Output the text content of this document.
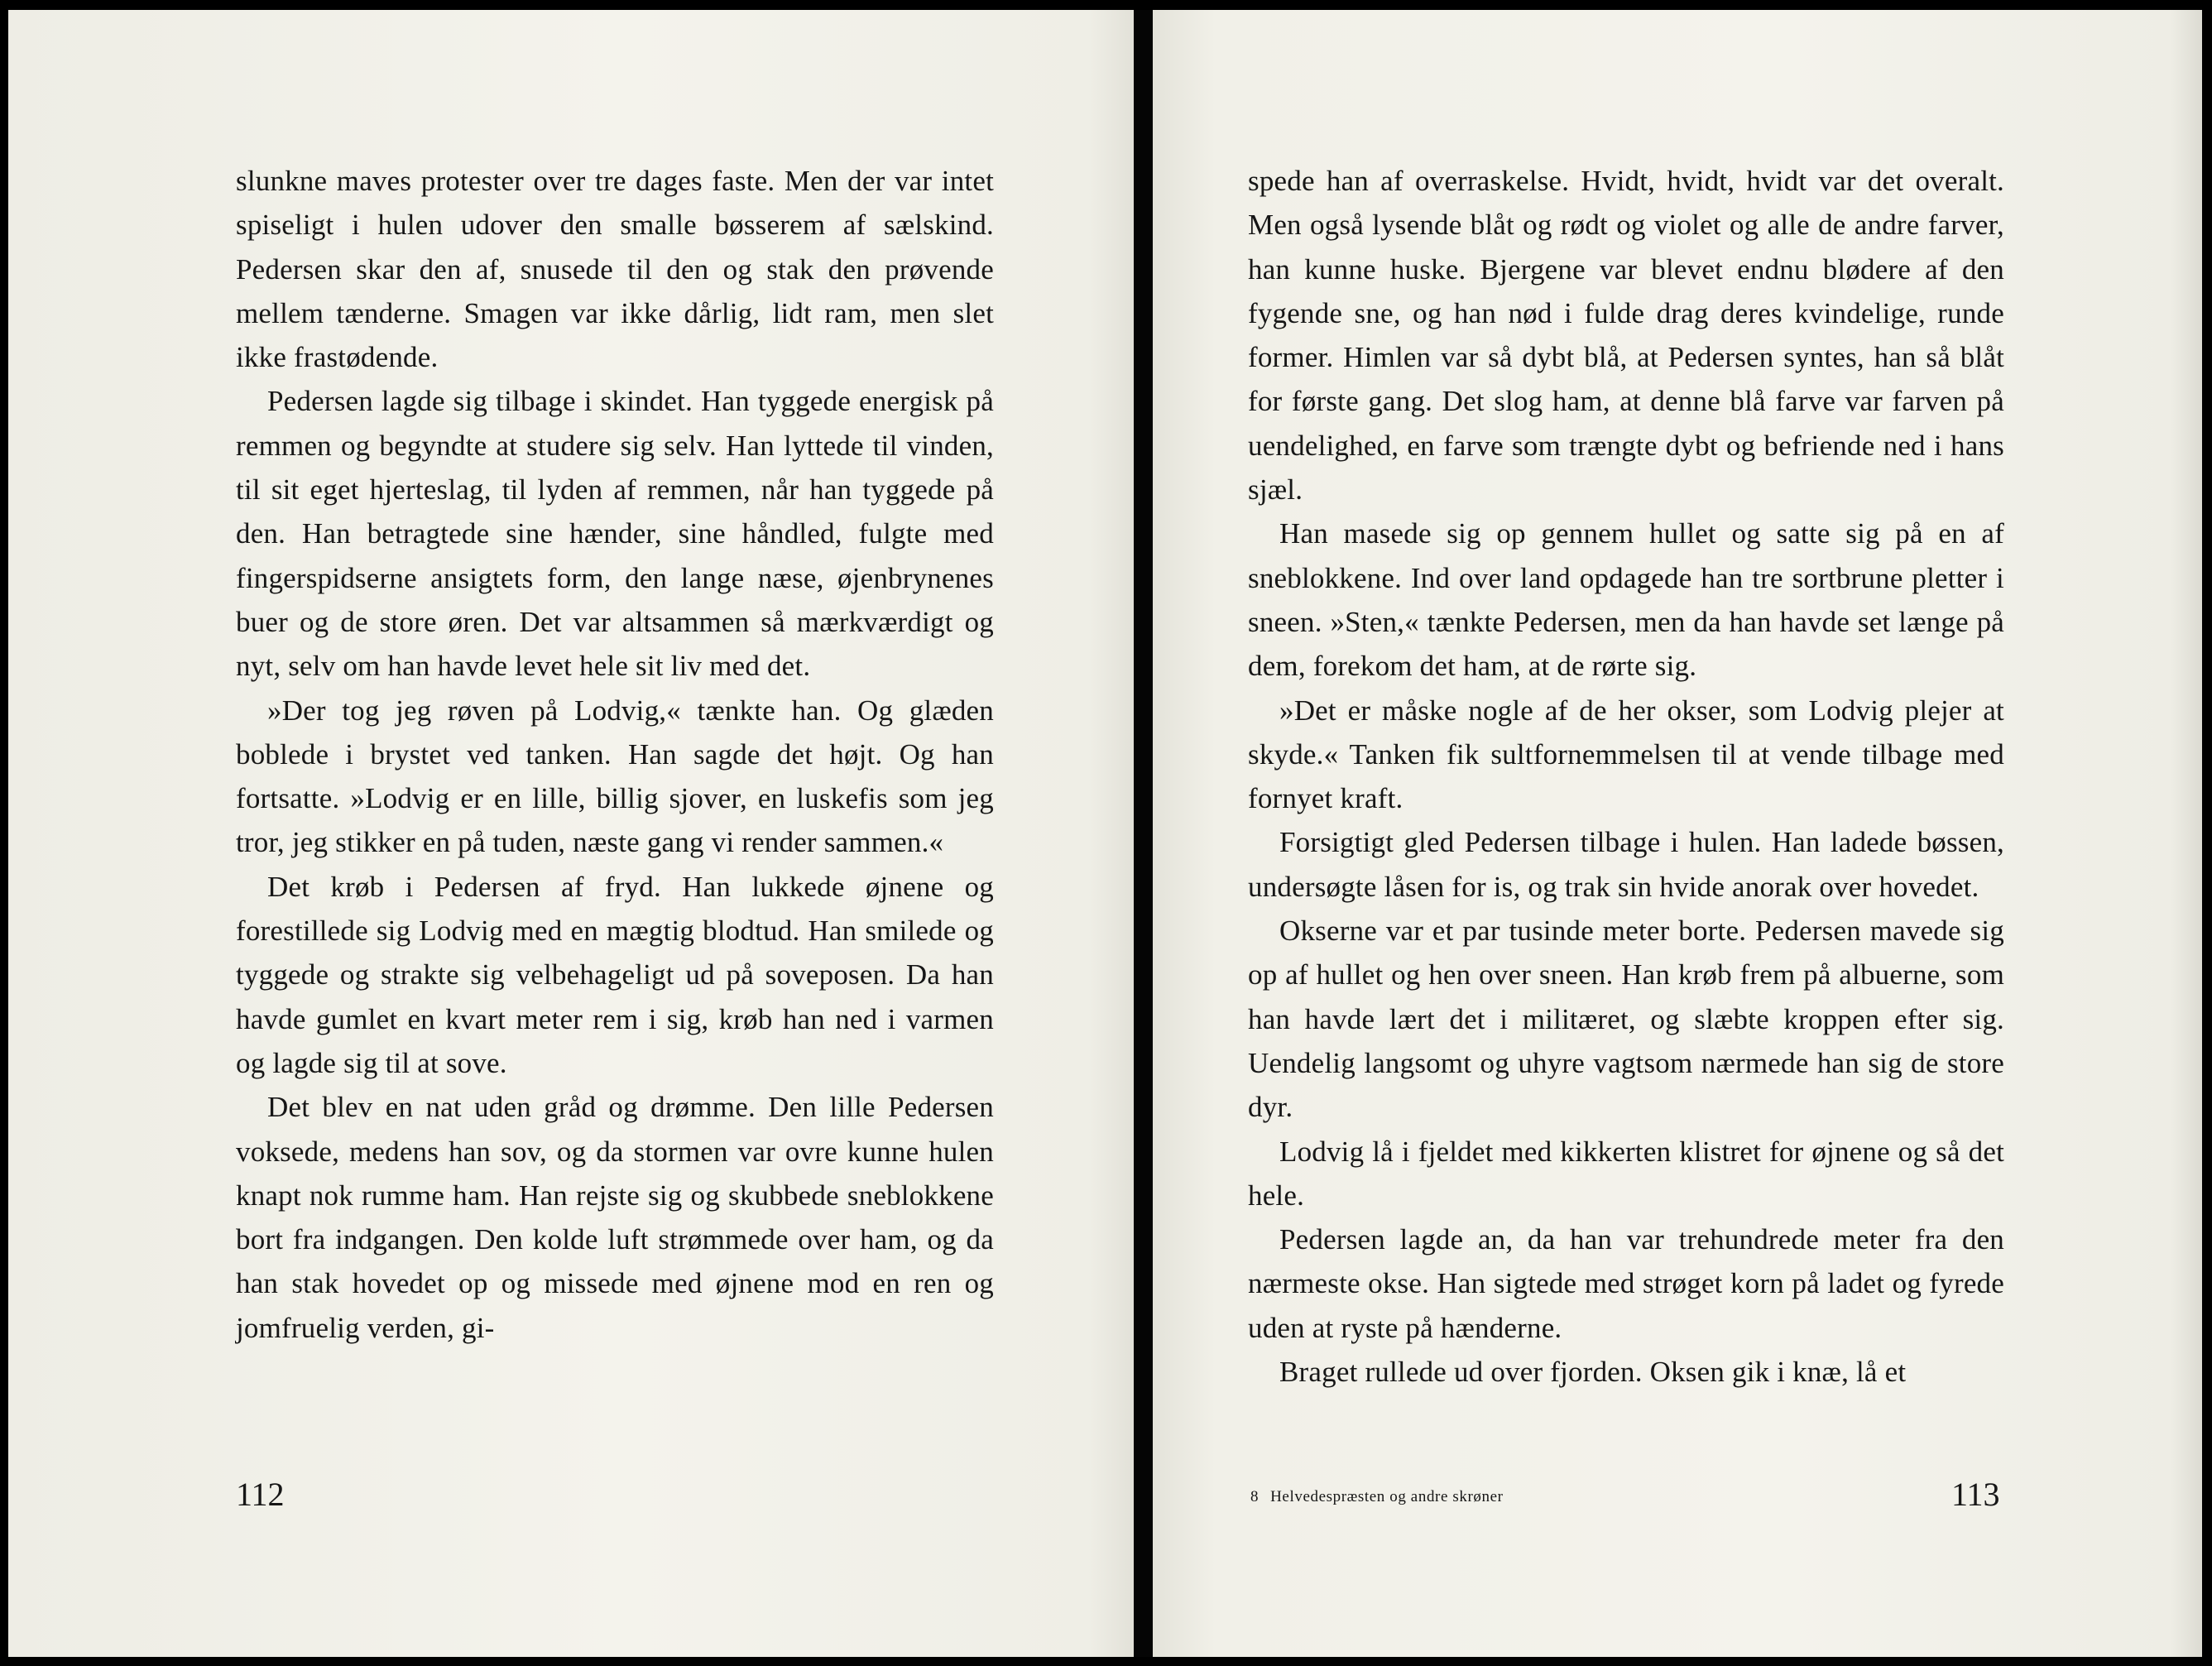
slunkne maves protester over tre dages faste. Men der var intet spiseligt i hulen udover den smalle bøsserem af sælskind. Pedersen skar den af, snusede til den og stak den prøvende mellem tænderne. Smagen var ikke dårlig, lidt ram, men slet ikke frastødende.

Pedersen lagde sig tilbage i skindet. Han tyggede energisk på remmen og begyndte at studere sig selv. Han lyttede til vinden, til sit eget hjerteslag, til lyden af remmen, når han tyggede på den. Han betragtede sine hænder, sine håndled, fulgte med fingerspidserne ansigtets form, den lange næse, øjenbrynenes buer og de store øren. Det var altsammen så mærkværdigt og nyt, selv om han havde levet hele sit liv med det.

»Der tog jeg røven på Lodvig,« tænkte han. Og glæden boblede i brystet ved tanken. Han sagde det højt. Og han fortsatte. »Lodvig er en lille, billig sjover, en luskefis som jeg tror, jeg stikker en på tuden, næste gang vi render sammen.«

Det krøb i Pedersen af fryd. Han lukkede øjnene og forestillede sig Lodvig med en mægtig blodtud. Han smilede og tyggede og strakte sig velbehageligt ud på soveposen. Da han havde gumlet en kvart meter rem i sig, krøb han ned i varmen og lagde sig til at sove.

Det blev en nat uden gråd og drømme. Den lille Pedersen voksede, medens han sov, og da stormen var ovre kunne hulen knapt nok rumme ham. Han rejste sig og skubbede sneblokkene bort fra indgangen. Den kolde luft strømmede over ham, og da han stak hovedet op og missede med øjnene mod en ren og jomfruelig verden, gi-

112

spede han af overraskelse. Hvidt, hvidt, hvidt var det overalt. Men også lysende blåt og rødt og violet og alle de andre farver, han kunne huske. Bjergene var blevet endnu blødere af den fygende sne, og han nød i fulde drag deres kvindelige, runde former. Himlen var så dybt blå, at Pedersen syntes, han så blåt for første gang. Det slog ham, at denne blå farve var farven på uendelighed, en farve som trængte dybt og befriende ned i hans sjæl.

Han masede sig op gennem hullet og satte sig på en af sneblokkene. Ind over land opdagede han tre sortbrune pletter i sneen. »Sten,« tænkte Pedersen, men da han havde set længe på dem, forekom det ham, at de rørte sig.

»Det er måske nogle af de her okser, som Lodvig plejer at skyde.« Tanken fik sultfornemmelsen til at vende tilbage med fornyet kraft.

Forsigtigt gled Pedersen tilbage i hulen. Han ladede bøssen, undersøgte låsen for is, og trak sin hvide anorak over hovedet.

Okserne var et par tusinde meter borte. Pedersen mavede sig op af hullet og hen over sneen. Han krøb frem på albuerne, som han havde lært det i militæret, og slæbte kroppen efter sig. Uendelig langsomt og uhyre vagtsom nærmede han sig de store dyr.

Lodvig lå i fjeldet med kikkerten klistret for øjnene og så det hele.

Pedersen lagde an, da han var trehundrede meter fra den nærmeste okse. Han sigtede med strøget korn på ladet og fyrede uden at ryste på hænderne.

Braget rullede ud over fjorden. Oksen gik i knæ, lå et

8 Helvedespræsten og andre skrøner	113
